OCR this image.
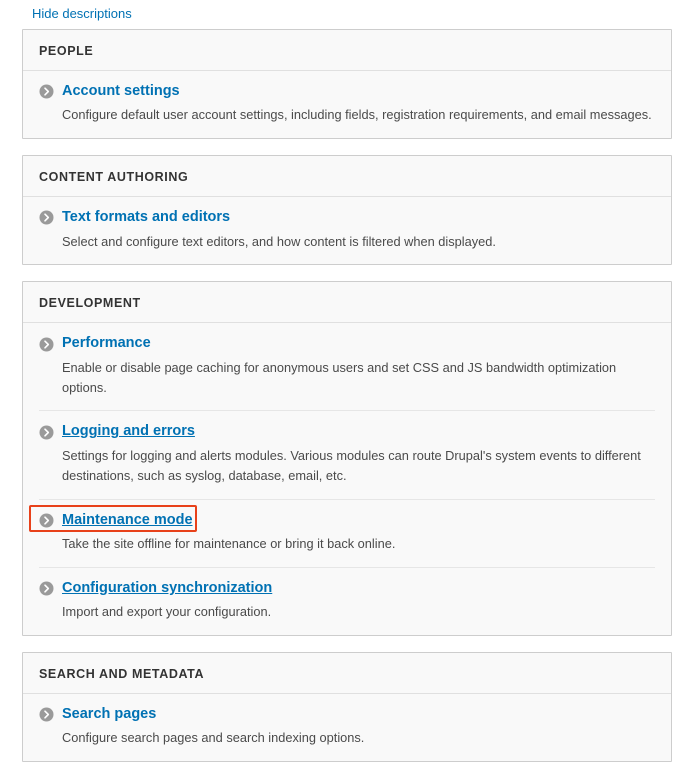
Hide descriptions
PEOPLE
Account settings
Configure default user account settings, including fields, registration requirements, and email messages.
CONTENT AUTHORING
Text formats and editors
Select and configure text editors, and how content is filtered when displayed.
DEVELOPMENT
Performance
Enable or disable page caching for anonymous users and set CSS and JS bandwidth optimization options.
Logging and errors
Settings for logging and alerts modules. Various modules can route Drupal's system events to different destinations, such as syslog, database, email, etc.
Maintenance mode
Take the site offline for maintenance or bring it back online.
Configuration synchronization
Import and export your configuration.
SEARCH AND METADATA
Search pages
Configure search pages and search indexing options.
